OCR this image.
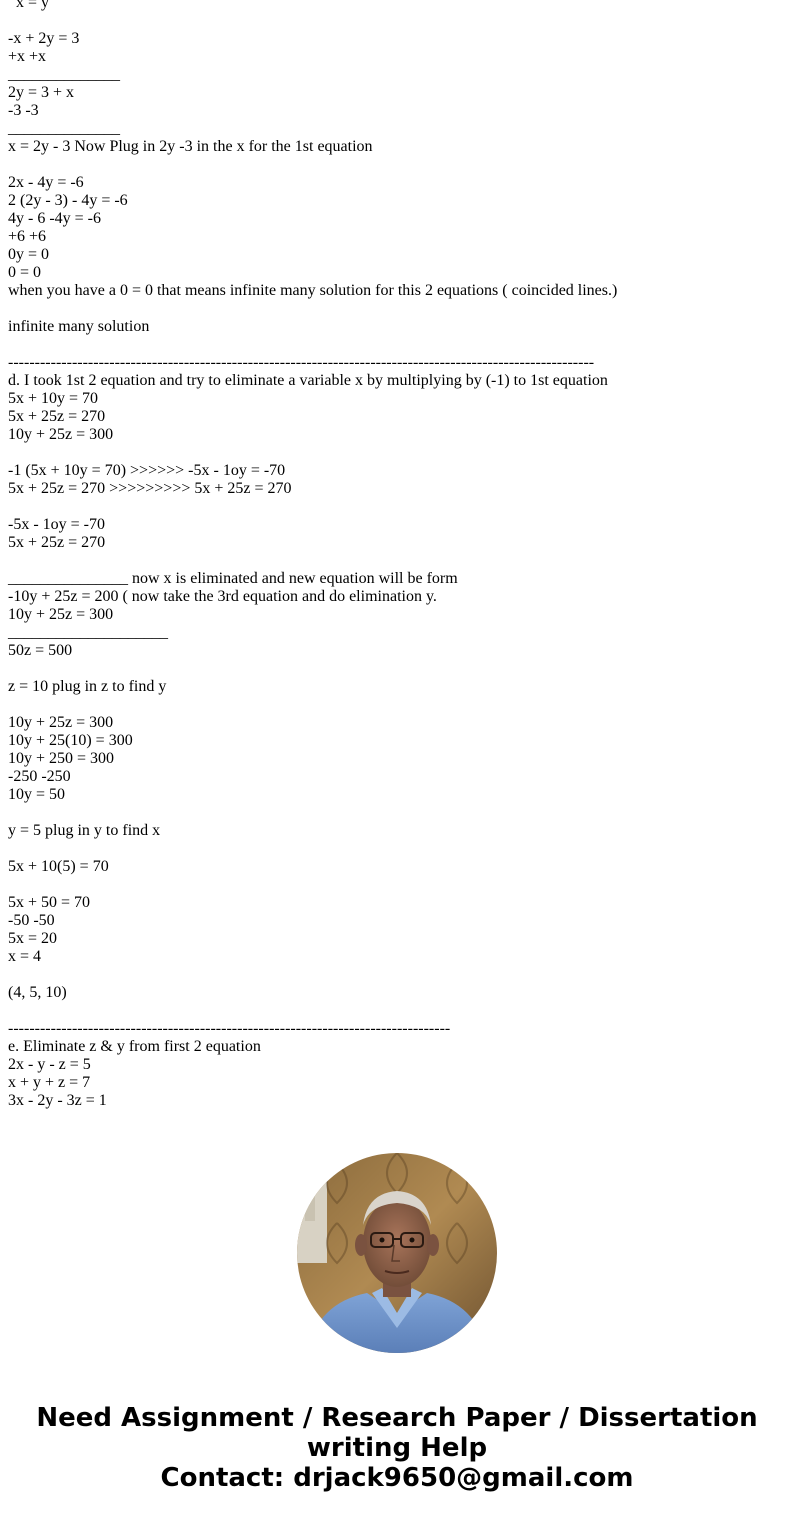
x = y
-x + 2y = 3
+x +x
______________
2y = 3 + x
-3 -3
______________
x = 2y - 3 Now Plug in 2y -3 in the x for the 1st equation
2x - 4y = -6
2 (2y - 3) - 4y = -6
4y - 6 -4y = -6
+6 +6
0y = 0
0 = 0
when you have a 0 = 0 that means infinite many solution for this 2 equations ( coincided lines.)
infinite many solution
--------------------------------------------------------------------------------------------------------------
d. I took 1st 2 equation and try to eliminate a variable x by multiplying by (-1) to 1st equation
5x + 10y = 70
5x + 25z = 270
10y + 25z = 300
-1 (5x + 10y = 70) >>>>>> -5x - 1oy = -70
5x + 25z = 270 >>>>>>>>> 5x + 25z = 270
-5x - 1oy = -70
5x + 25z = 270
_______________ now x is eliminated and new equation will be form
-10y + 25z = 200 ( now take the 3rd equation and do elimination y.
10y + 25z = 300
____________________
50z = 500
z = 10 plug in z to find y
10y + 25z = 300
10y + 25(10) = 300
10y + 250 = 300
-250 -250
10y = 50
y = 5 plug in y to find x
5x + 10(5) = 70
5x + 50 = 70
-50 -50
5x = 20
x = 4
(4, 5, 10)
-----------------------------------------------------------------------------------
e. Eliminate z & y from first 2 equation
2x - y - z = 5
x + y + z = 7
3x - 2y - 3z = 1
Need Assignment / Research Paper / Dissertation
writing Help
Contact: drjack9650@gmail.com
